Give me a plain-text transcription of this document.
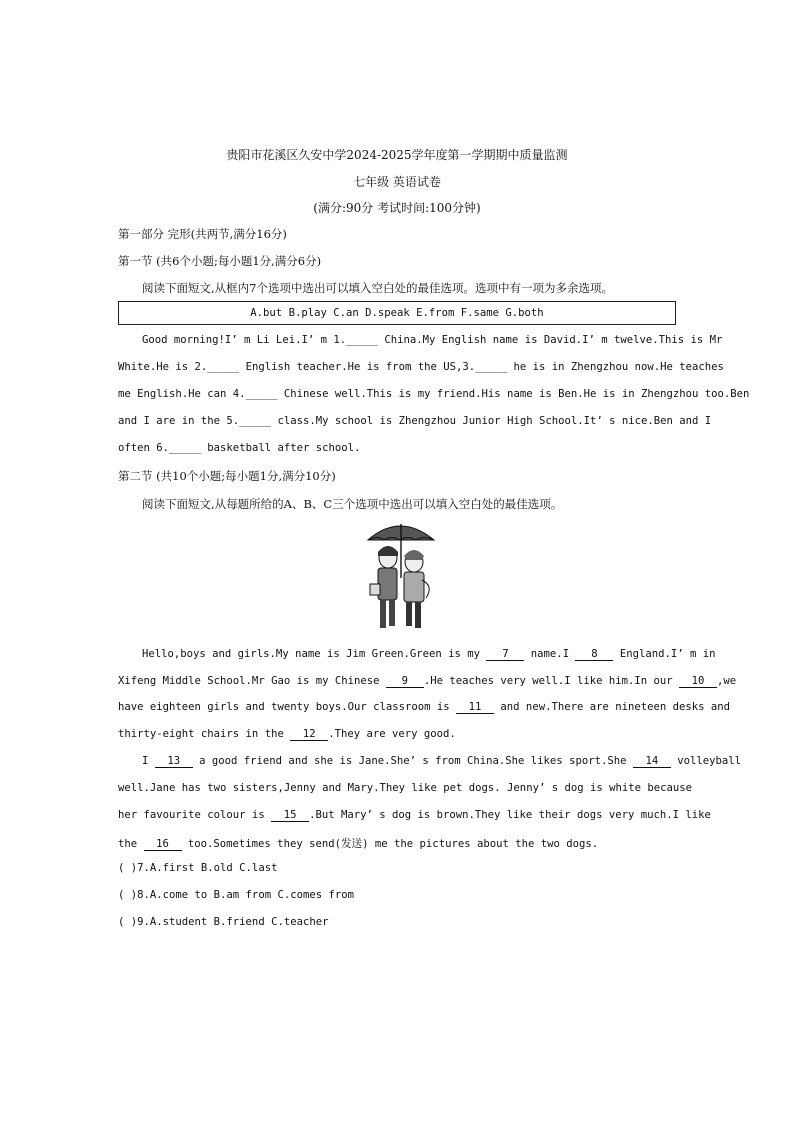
贵阳市花溪区久安中学2024-2025学年度第一学期期中质量监测
七年级 英语试卷
(满分:90分 考试时间:100分钟)
第一部分 完形(共两节,满分16分)
第一节 (共6个小题;每小题1分,满分6分)
阅读下面短文,从框内7个选项中选出可以填入空白处的最佳选项。选项中有一项为多余选项。
A.but B.play C.an D.speak E.from F.same G.both
Good morning!I’ m Li Lei.I’ m 1._____ China.My English name is David.I’ m twelve.This is Mr
White.He is 2._____ English teacher.He is from the US,3._____ he is in Zhengzhou now.He teaches
me English.He can 4._____ Chinese well.This is my friend.His name is Ben.He is in Zhengzhou too.Ben
and I are in the 5._____ class.My school is Zhengzhou Junior High School.It’ s nice.Ben and I
often 6._____ basketball after school.
第二节 (共10个小题;每小题1分,满分10分)
阅读下面短文,从每题所给的A、B、C三个选项中选出可以填入空白处的最佳选项。
Hello,boys and girls.My name is Jim Green.Green is my 7 name.I 8 England.I’ m in
Xifeng Middle School.Mr Gao is my Chinese 9 .He teaches very well.I like him.In our 10 ,we
have eighteen girls and twenty boys.Our classroom is 11 and new.There are nineteen desks and
thirty-eight chairs in the 12 .They are very good.
I 13 a good friend and she is Jane.She’ s from China.She likes sport.She 14 volleyball
well.Jane has two sisters,Jenny and Mary.They like pet dogs. Jenny’ s dog is white because
her favourite colour is 15 .But Mary’ s dog is brown.They like their dogs very much.I like
the 16 too.Sometimes they send(发送) me the pictures about the two dogs.
( )7.A.first B.old C.last
( )8.A.come to B.am from C.comes from
( )9.A.student B.friend C.teacher
